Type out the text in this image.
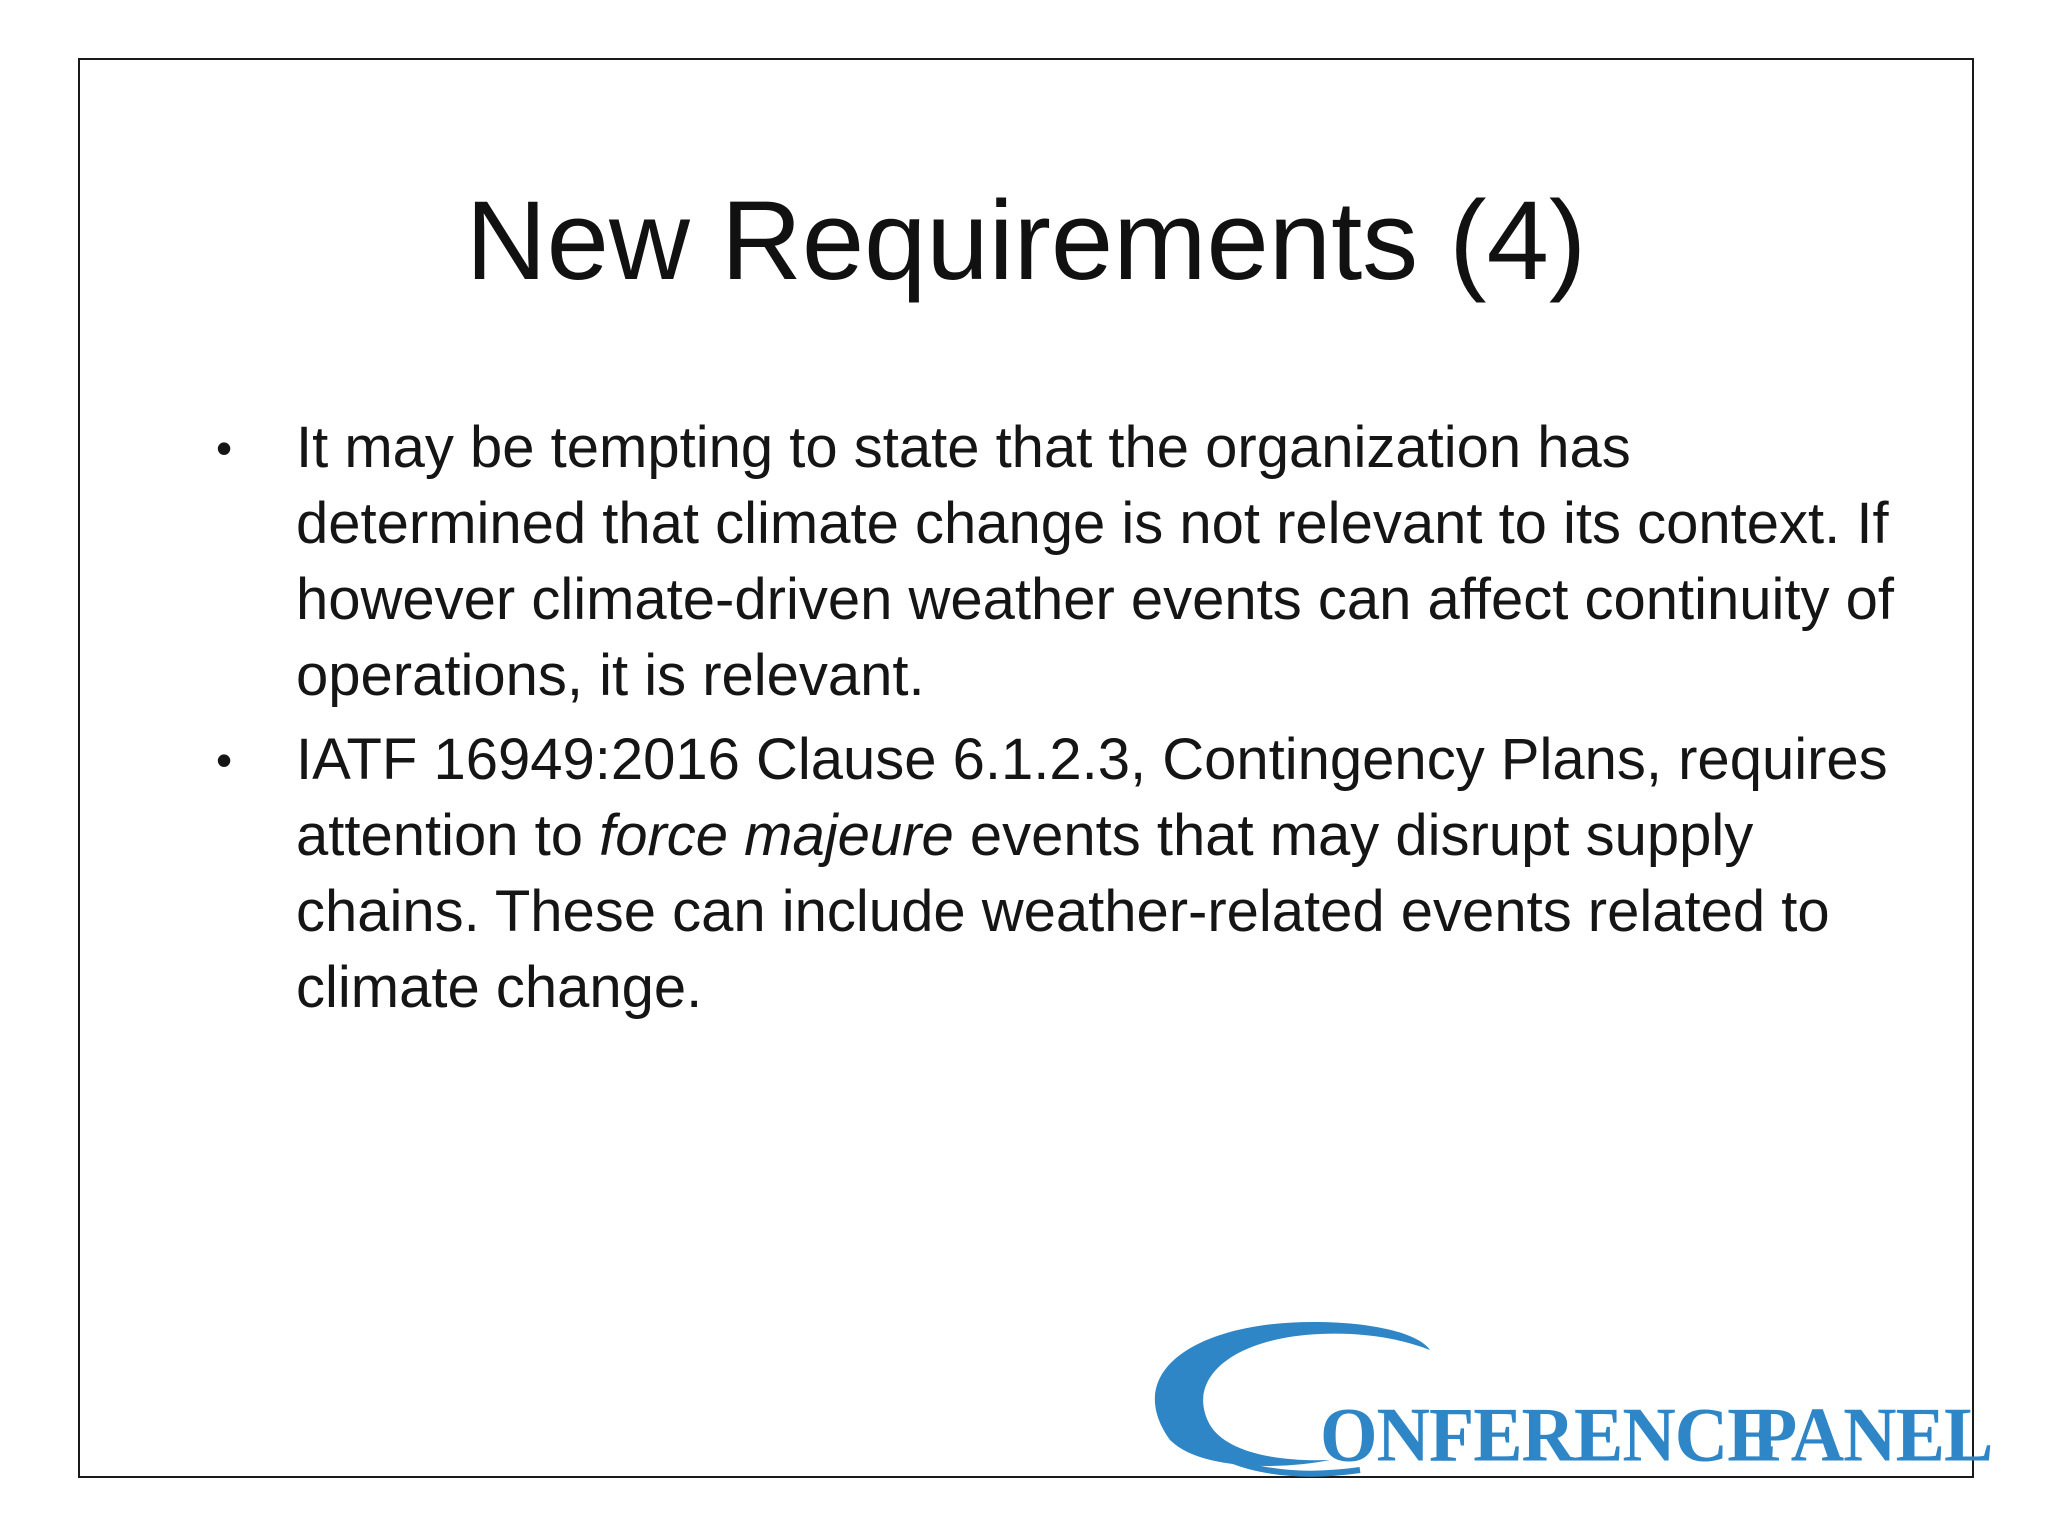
New Requirements (4)
• It may be tempting to state that the organization has determined that climate change is not relevant to its context. If however climate-driven weather events can affect continuity of operations, it is relevant.
• IATF 16949:2016 Clause 6.1.2.3, Contingency Plans, requires attention to force majeure events that may disrupt supply chains. These can include weather-related events related to climate change.
ONFERENCE
PANEL
